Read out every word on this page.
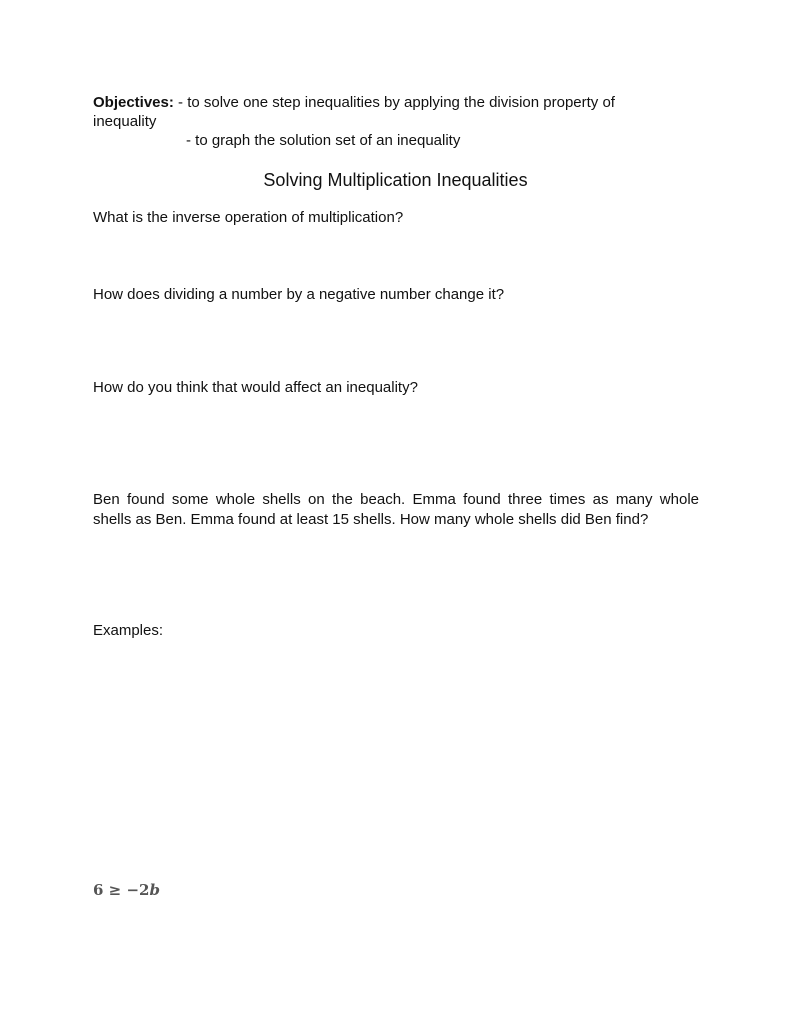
Objectives: - to solve one step inequalities by applying the division property of
inequality
- to graph the solution set of an inequality
Solving Multiplication Inequalities
What is the inverse operation of multiplication?
How does dividing a number by a negative number change it?
How do you think that would affect an inequality?
Ben found some whole shells on the beach. Emma found three times as many whole
shells as Ben. Emma found at least 15 shells. How many whole shells did Ben find?
Examples:
6 ≥ −2b
